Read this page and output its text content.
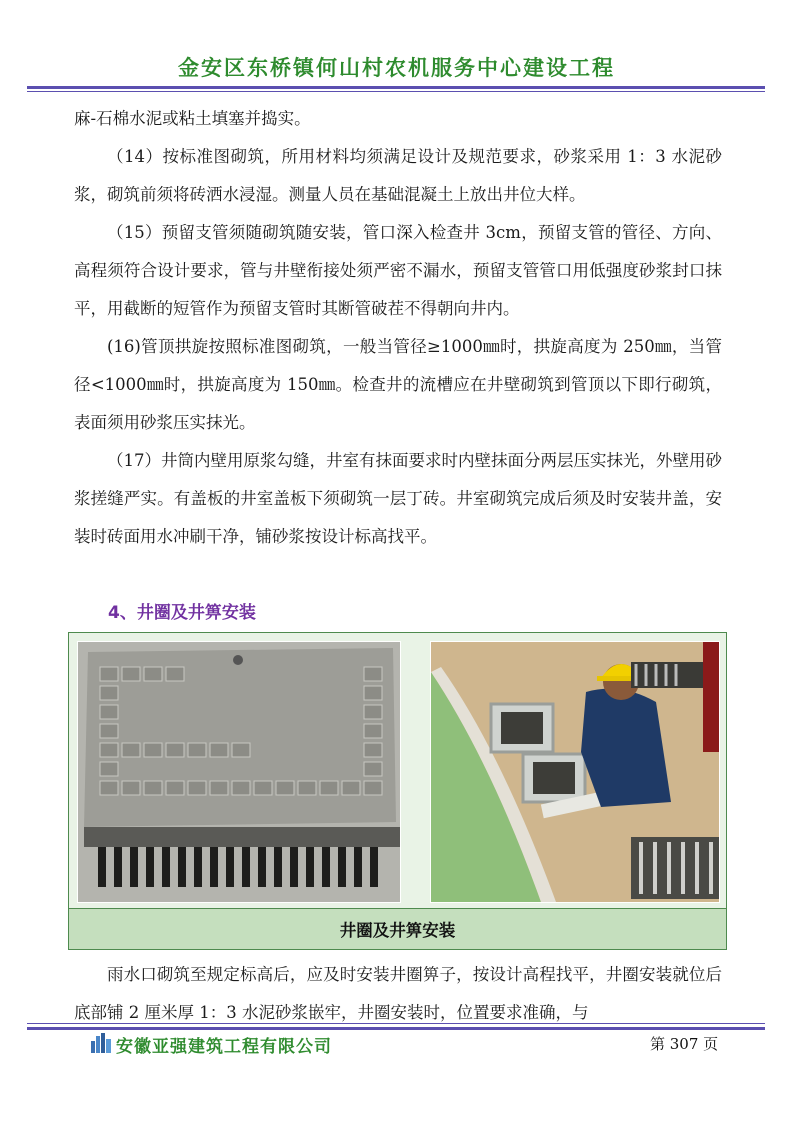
金安区东桥镇何山村农机服务中心建设工程

麻-石棉水泥或粘土填塞并捣实。

（14）按标准图砌筑，所用材料均须满足设计及规范要求，砂浆采用 1：3 水泥砂浆，砌筑前须将砖洒水浸湿。测量人员在基础混凝土上放出井位大样。

（15）预留支管须随砌筑随安装，管口深入检查井 3cm，预留支管的管径、方向、高程须符合设计要求，管与井壁衔接处须严密不漏水，预留支管管口用低强度砂浆封口抹平，用截断的短管作为预留支管时其断管破茬不得朝向井内。

(16)管顶拱旋按照标准图砌筑，一般当管径≥1000㎜时，拱旋高度为 250㎜，当管径<1000㎜时，拱旋高度为 150㎜。检查井的流槽应在井壁砌筑到管顶以下即行砌筑，表面须用砂浆压实抹光。

（17）井筒内壁用原浆勾缝，井室有抹面要求时内壁抹面分两层压实抹光，外壁用砂浆搓缝严实。有盖板的井室盖板下须砌筑一层丁砖。井室砌筑完成后须及时安装井盖，安装时砖面用水冲刷干净，铺砂浆按设计标高找平。

4、井圈及井箅安装
井圈及井箅安装

雨水口砌筑至规定标高后，应及时安装井圈箅子，按设计高程找平，井圈安装就位后底部铺 2 厘米厚 1：3 水泥砂浆嵌牢，井圈安装时，位置要求准确，与

安徽亚强建筑工程有限公司	第 307 页
